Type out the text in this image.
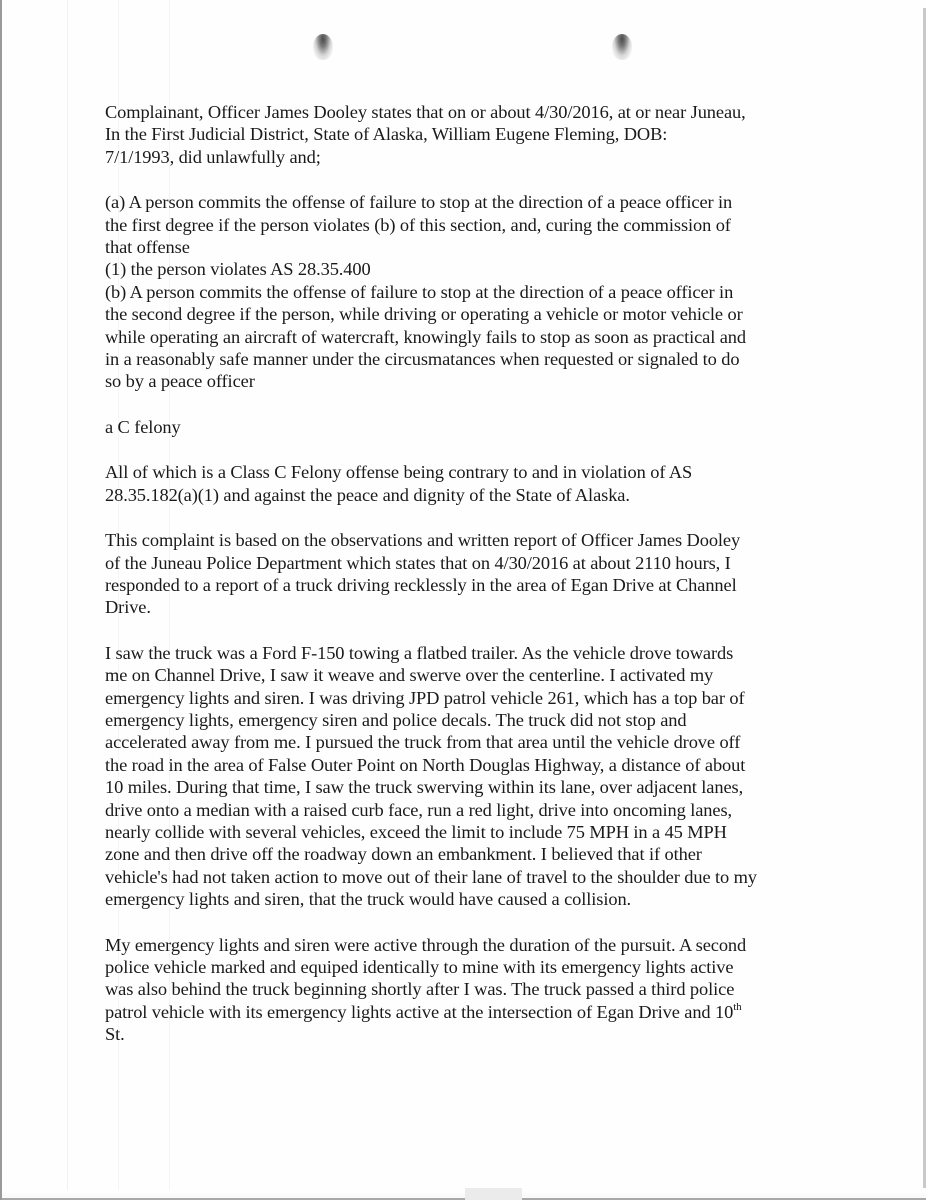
Complainant, Officer James Dooley states that on or about 4/30/2016, at or near Juneau,
In the First Judicial District, State of Alaska, William Eugene Fleming, DOB:
7/1/1993, did unlawfully and;
(a) A person commits the offense of failure to stop at the direction of a peace officer in
the first degree if the person violates (b) of this section, and, curing the commission of
that offense
(1) the person violates AS 28.35.400
(b) A person commits the offense of failure to stop at the direction of a peace officer in
the second degree if the person, while driving or operating a vehicle or motor vehicle or
while operating an aircraft of watercraft, knowingly fails to stop as soon as practical and
in a reasonably safe manner under the circusmatances when requested or signaled to do
so by a peace officer
a C felony
All of which is a Class C Felony offense being contrary to and in violation of AS
28.35.182(a)(1) and against the peace and dignity of the State of Alaska.
This complaint is based on the observations and written report of Officer James Dooley
of the Juneau Police Department which states that on 4/30/2016 at about 2110 hours, I
responded to a report of a truck driving recklessly in the area of Egan Drive at Channel
Drive.
I saw the truck was a Ford F-150 towing a flatbed trailer. As the vehicle drove towards
me on Channel Drive, I saw it weave and swerve over the centerline. I activated my
emergency lights and siren. I was driving JPD patrol vehicle 261, which has a top bar of
emergency lights, emergency siren and police decals. The truck did not stop and
accelerated away from me. I pursued the truck from that area until the vehicle drove off
the road in the area of False Outer Point on North Douglas Highway, a distance of about
10 miles. During that time, I saw the truck swerving within its lane, over adjacent lanes,
drive onto a median with a raised curb face, run a red light, drive into oncoming lanes,
nearly collide with several vehicles, exceed the limit to include 75 MPH in a 45 MPH
zone and then drive off the roadway down an embankment. I believed that if other
vehicle's had not taken action to move out of their lane of travel to the shoulder due to my
emergency lights and siren, that the truck would have caused a collision.
My emergency lights and siren were active through the duration of the pursuit. A second
police vehicle marked and equiped identically to mine with its emergency lights active
was also behind the truck beginning shortly after I was. The truck passed a third police
patrol vehicle with its emergency lights active at the intersection of Egan Drive and 10th
St.
